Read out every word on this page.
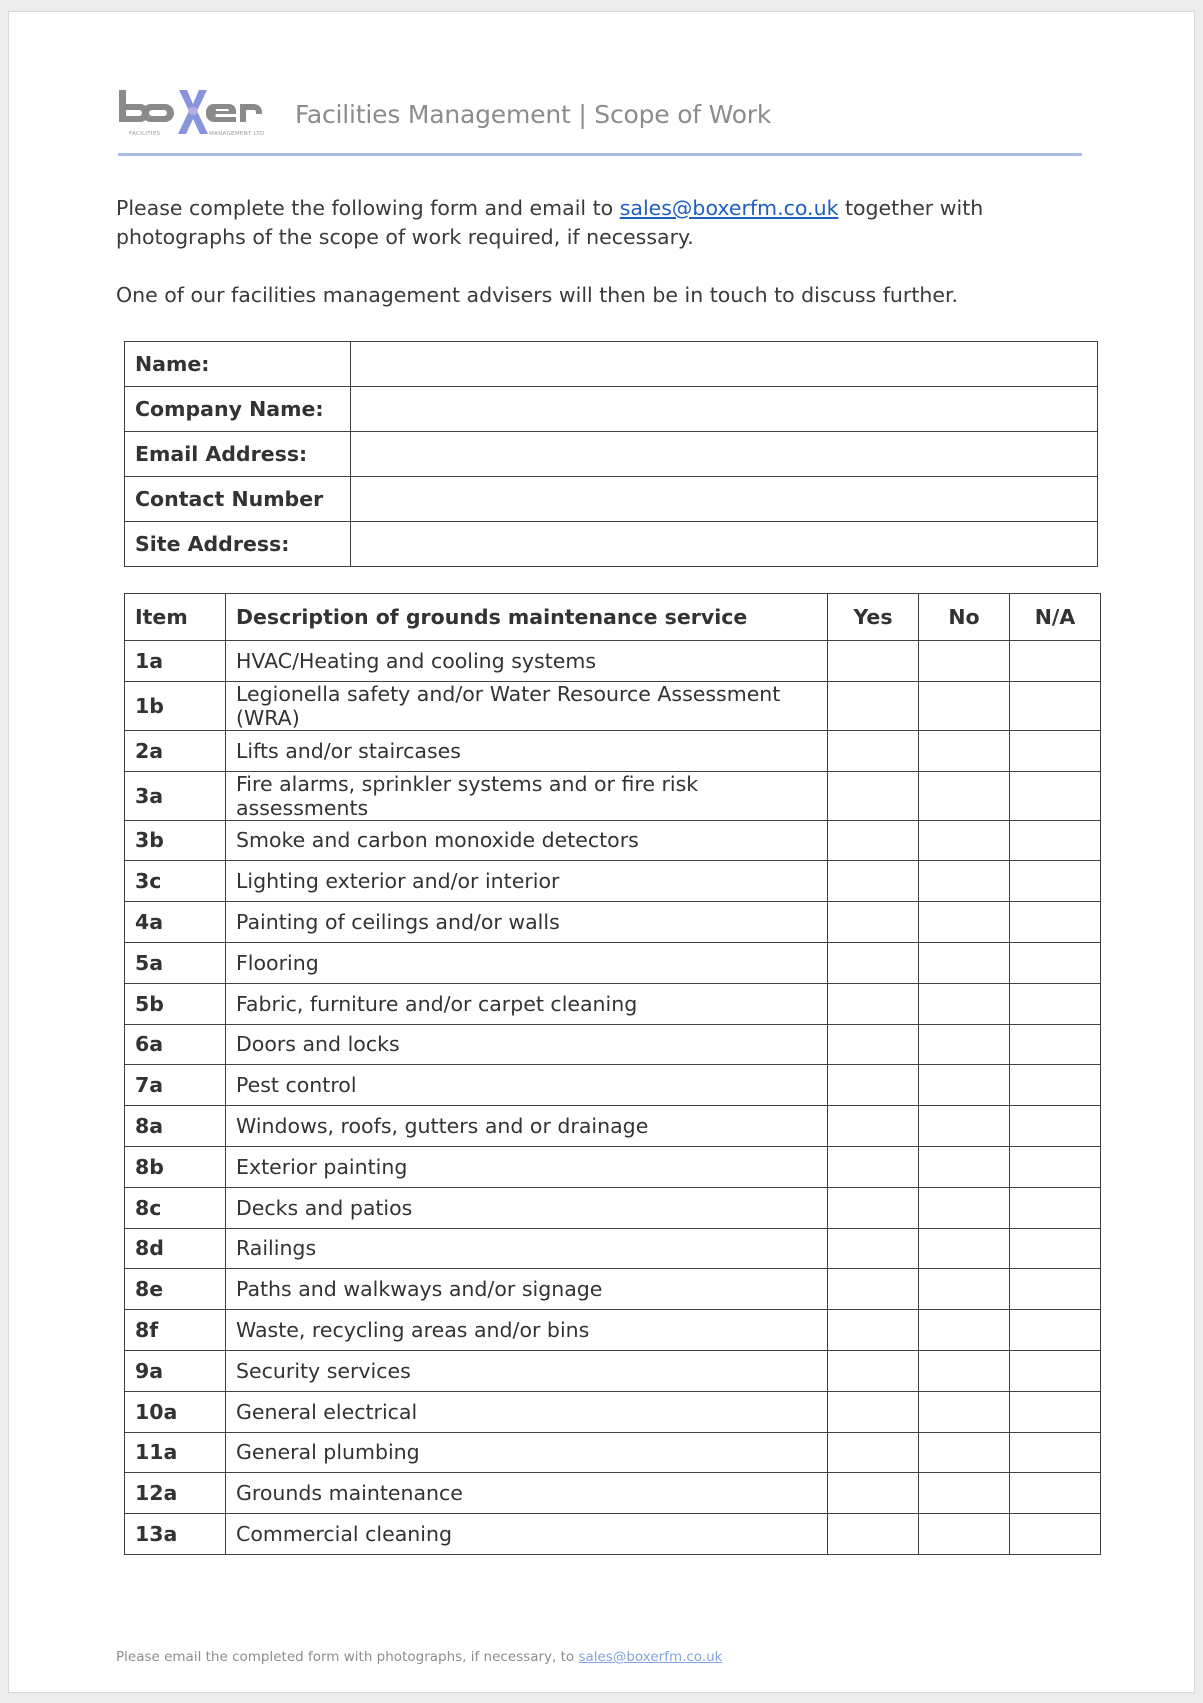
FACILITIES	MANAGEMENT LTD
Facilities Management | Scope of Work

Please complete the following form and email to sales@boxerfm.co.uk together with photographs of the scope of work required, if necessary.

One of our facilities management advisers will then be in touch to discuss further.

Name:	
Company Name:	
Email Address:	
Contact Number	
Site Address:	
Item	Description of grounds maintenance service	Yes	No	N/A
1a	HVAC/Heating and cooling systems			
1b	Legionella safety and/or Water Resource Assessment (WRA)			
2a	Lifts and/or staircases			
3a	Fire alarms, sprinkler systems and or fire risk assessments			
3b	Smoke and carbon monoxide detectors			
3c	Lighting exterior and/or interior			
4a	Painting of ceilings and/or walls			
5a	Flooring			
5b	Fabric, furniture and/or carpet cleaning			
6a	Doors and locks			
7a	Pest control			
8a	Windows, roofs, gutters and or drainage			
8b	Exterior painting			
8c	Decks and patios			
8d	Railings			
8e	Paths and walkways and/or signage			
8f	Waste, recycling areas and/or bins			
9a	Security services			
10a	General electrical			
11a	General plumbing			
12a	Grounds maintenance			
13a	Commercial cleaning			
Please email the completed form with photographs, if necessary, to sales@boxerfm.co.uk
